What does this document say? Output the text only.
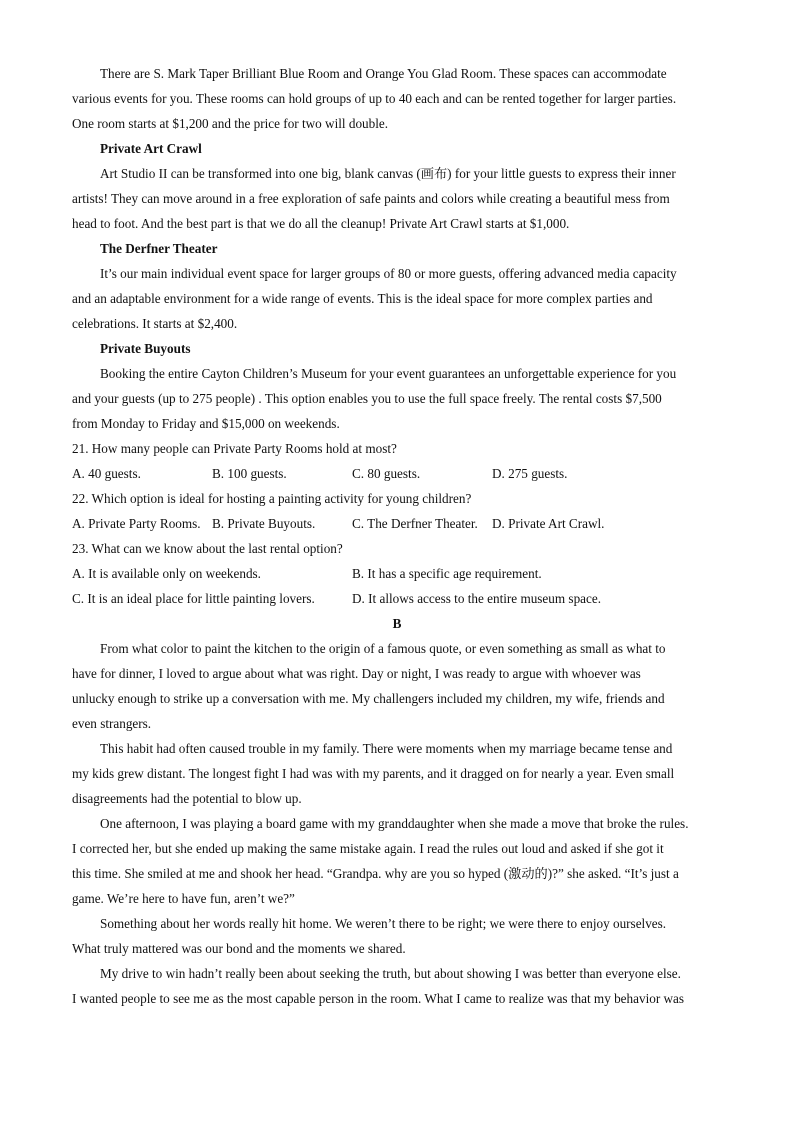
There are S. Mark Taper Brilliant Blue Room and Orange You Glad Room. These spaces can accommodate
various events for you. These rooms can hold groups of up to 40 each and can be rented together for larger parties.
One room starts at $1,200 and the price for two will double.
Private Art Crawl
Art Studio II can be transformed into one big, blank canvas (画布) for your little guests to express their inner
artists! They can move around in a free exploration of safe paints and colors while creating a beautiful mess from
head to foot. And the best part is that we do all the cleanup! Private Art Crawl starts at $1,000.
The Derfner Theater
It’s our main individual event space for larger groups of 80 or more guests, offering advanced media capacity
and an adaptable environment for a wide range of events. This is the ideal space for more complex parties and
celebrations. It starts at $2,400.
Private Buyouts
Booking the entire Cayton Children’s Museum for your event guarantees an unforgettable experience for you
and your guests (up to 275 people) . This option enables you to use the full space freely. The rental costs $7,500
from Monday to Friday and $15,000 on weekends.
21. How many people can Private Party Rooms hold at most?
A. 40 guests.	B. 100 guests.	C. 80 guests.	D. 275 guests.
22. Which option is ideal for hosting a painting activity for young children?
A. Private Party Rooms. B. Private Buyouts.	C. The Derfner Theater. D. Private Art Crawl.
23. What can we know about the last rental option?
A. It is available only on weekends.	B. It has a specific age requirement.
C. It is an ideal place for little painting lovers.	D. It allows access to the entire museum space.
B
From what color to paint the kitchen to the origin of a famous quote, or even something as small as what to
have for dinner, I loved to argue about what was right. Day or night, I was ready to argue with whoever was
unlucky enough to strike up a conversation with me. My challengers included my children, my wife, friends and
even strangers.
This habit had often caused trouble in my family. There were moments when my marriage became tense and
my kids grew distant. The longest fight I had was with my parents, and it dragged on for nearly a year. Even small
disagreements had the potential to blow up.
One afternoon, I was playing a board game with my granddaughter when she made a move that broke the rules.
I corrected her, but she ended up making the same mistake again. I read the rules out loud and asked if she got it
this time. She smiled at me and shook her head. “Grandpa. why are you so hyped (激动的)?” she asked. “It’s just a
game. We’re here to have fun, aren’t we?”
Something about her words really hit home. We weren’t there to be right; we were there to enjoy ourselves.
What truly mattered was our bond and the moments we shared.
My drive to win hadn’t really been about seeking the truth, but about showing I was better than everyone else.
I wanted people to see me as the most capable person in the room. What I came to realize was that my behavior was
